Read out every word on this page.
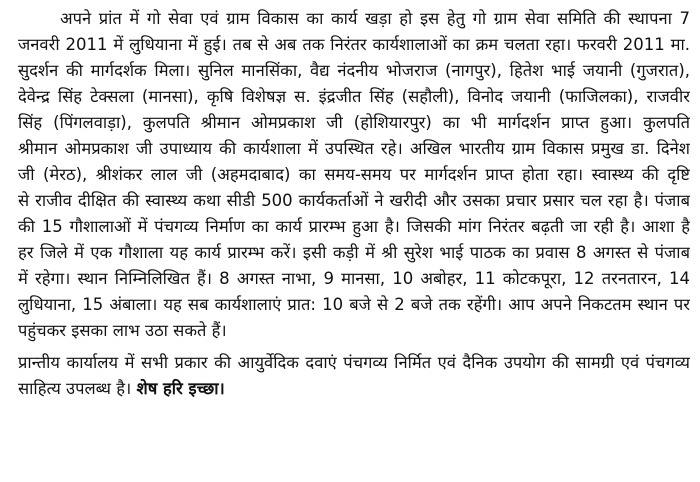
अपने प्रांत में गो सेवा एवं ग्राम विकास का कार्य खड़ा हो इस हेतु गो ग्राम सेवा समिति की स्थापना 7
जनवरी 2011 में लुधियाना में हुई। तब से अब तक निरंतर कार्यशालाओं का क्रम चलता रहा। फरवरी 2011 मा.
सुदर्शन की मार्गदर्शक मिला। सुनिल मानसिंका, वैद्य नंदनीय भोजराज (नागपुर), हितेश भाई जयानी (गुजरात),
देवेन्द्र सिंह टेक्सला (मानसा), कृषि विशेषज्ञ स. इंद्रजीत सिंह (सहौली), विनोद जयानी (फाजिलका), राजवीर
सिंह (पिंगलवाड़ा), कुलपति श्रीमान ओमप्रकाश जी (होशियारपुर) का भी मार्गदर्शन प्राप्त हुआ। कुलपति
श्रीमान ओमप्रकाश जी उपाध्याय की कार्यशाला में उपस्थित रहे। अखिल भारतीय ग्राम विकास प्रमुख डा. दिनेश
जी (मेरठ), श्रीशंकर लाल जी (अहमदाबाद) का समय-समय पर मार्गदर्शन प्राप्त होता रहा। स्वास्थ्य की दृष्टि
से राजीव दीक्षित की स्वास्थ्य कथा सीडी 500 कार्यकर्ताओं ने खरीदी और उसका प्रचार प्रसार चल रहा है। पंजाब
की 15 गौशालाओं में पंचगव्य निर्माण का कार्य प्रारम्भ हुआ है। जिसकी मांग निरंतर बढ़ती जा रही है। आशा है
हर जिले में एक गौशाला यह कार्य प्रारम्भ करें। इसी कड़ी में श्री सुरेश भाई पाठक का प्रवास 8 अगस्त से पंजाब
में रहेगा। स्थान निम्निलिखित हैं। 8 अगस्त नाभा, 9 मानसा, 10 अबोहर, 11 कोटकपूरा, 12 तरनतारन, 14
लुधियाना, 15 अंबाला। यह सब कार्यशालाएं प्रात: 10 बजे से 2 बजे तक रहेंगी। आप अपने निकटतम स्थान पर
पहुंचकर इसका लाभ उठा सकते हैं।
प्रान्तीय कार्यालय में सभी प्रकार की आयुर्वेदिक दवाएं पंचगव्य निर्मित एवं दैनिक उपयोग की सामग्री एवं पंचगव्य
साहित्य उपलब्ध है। शेष हरि इच्छा।
